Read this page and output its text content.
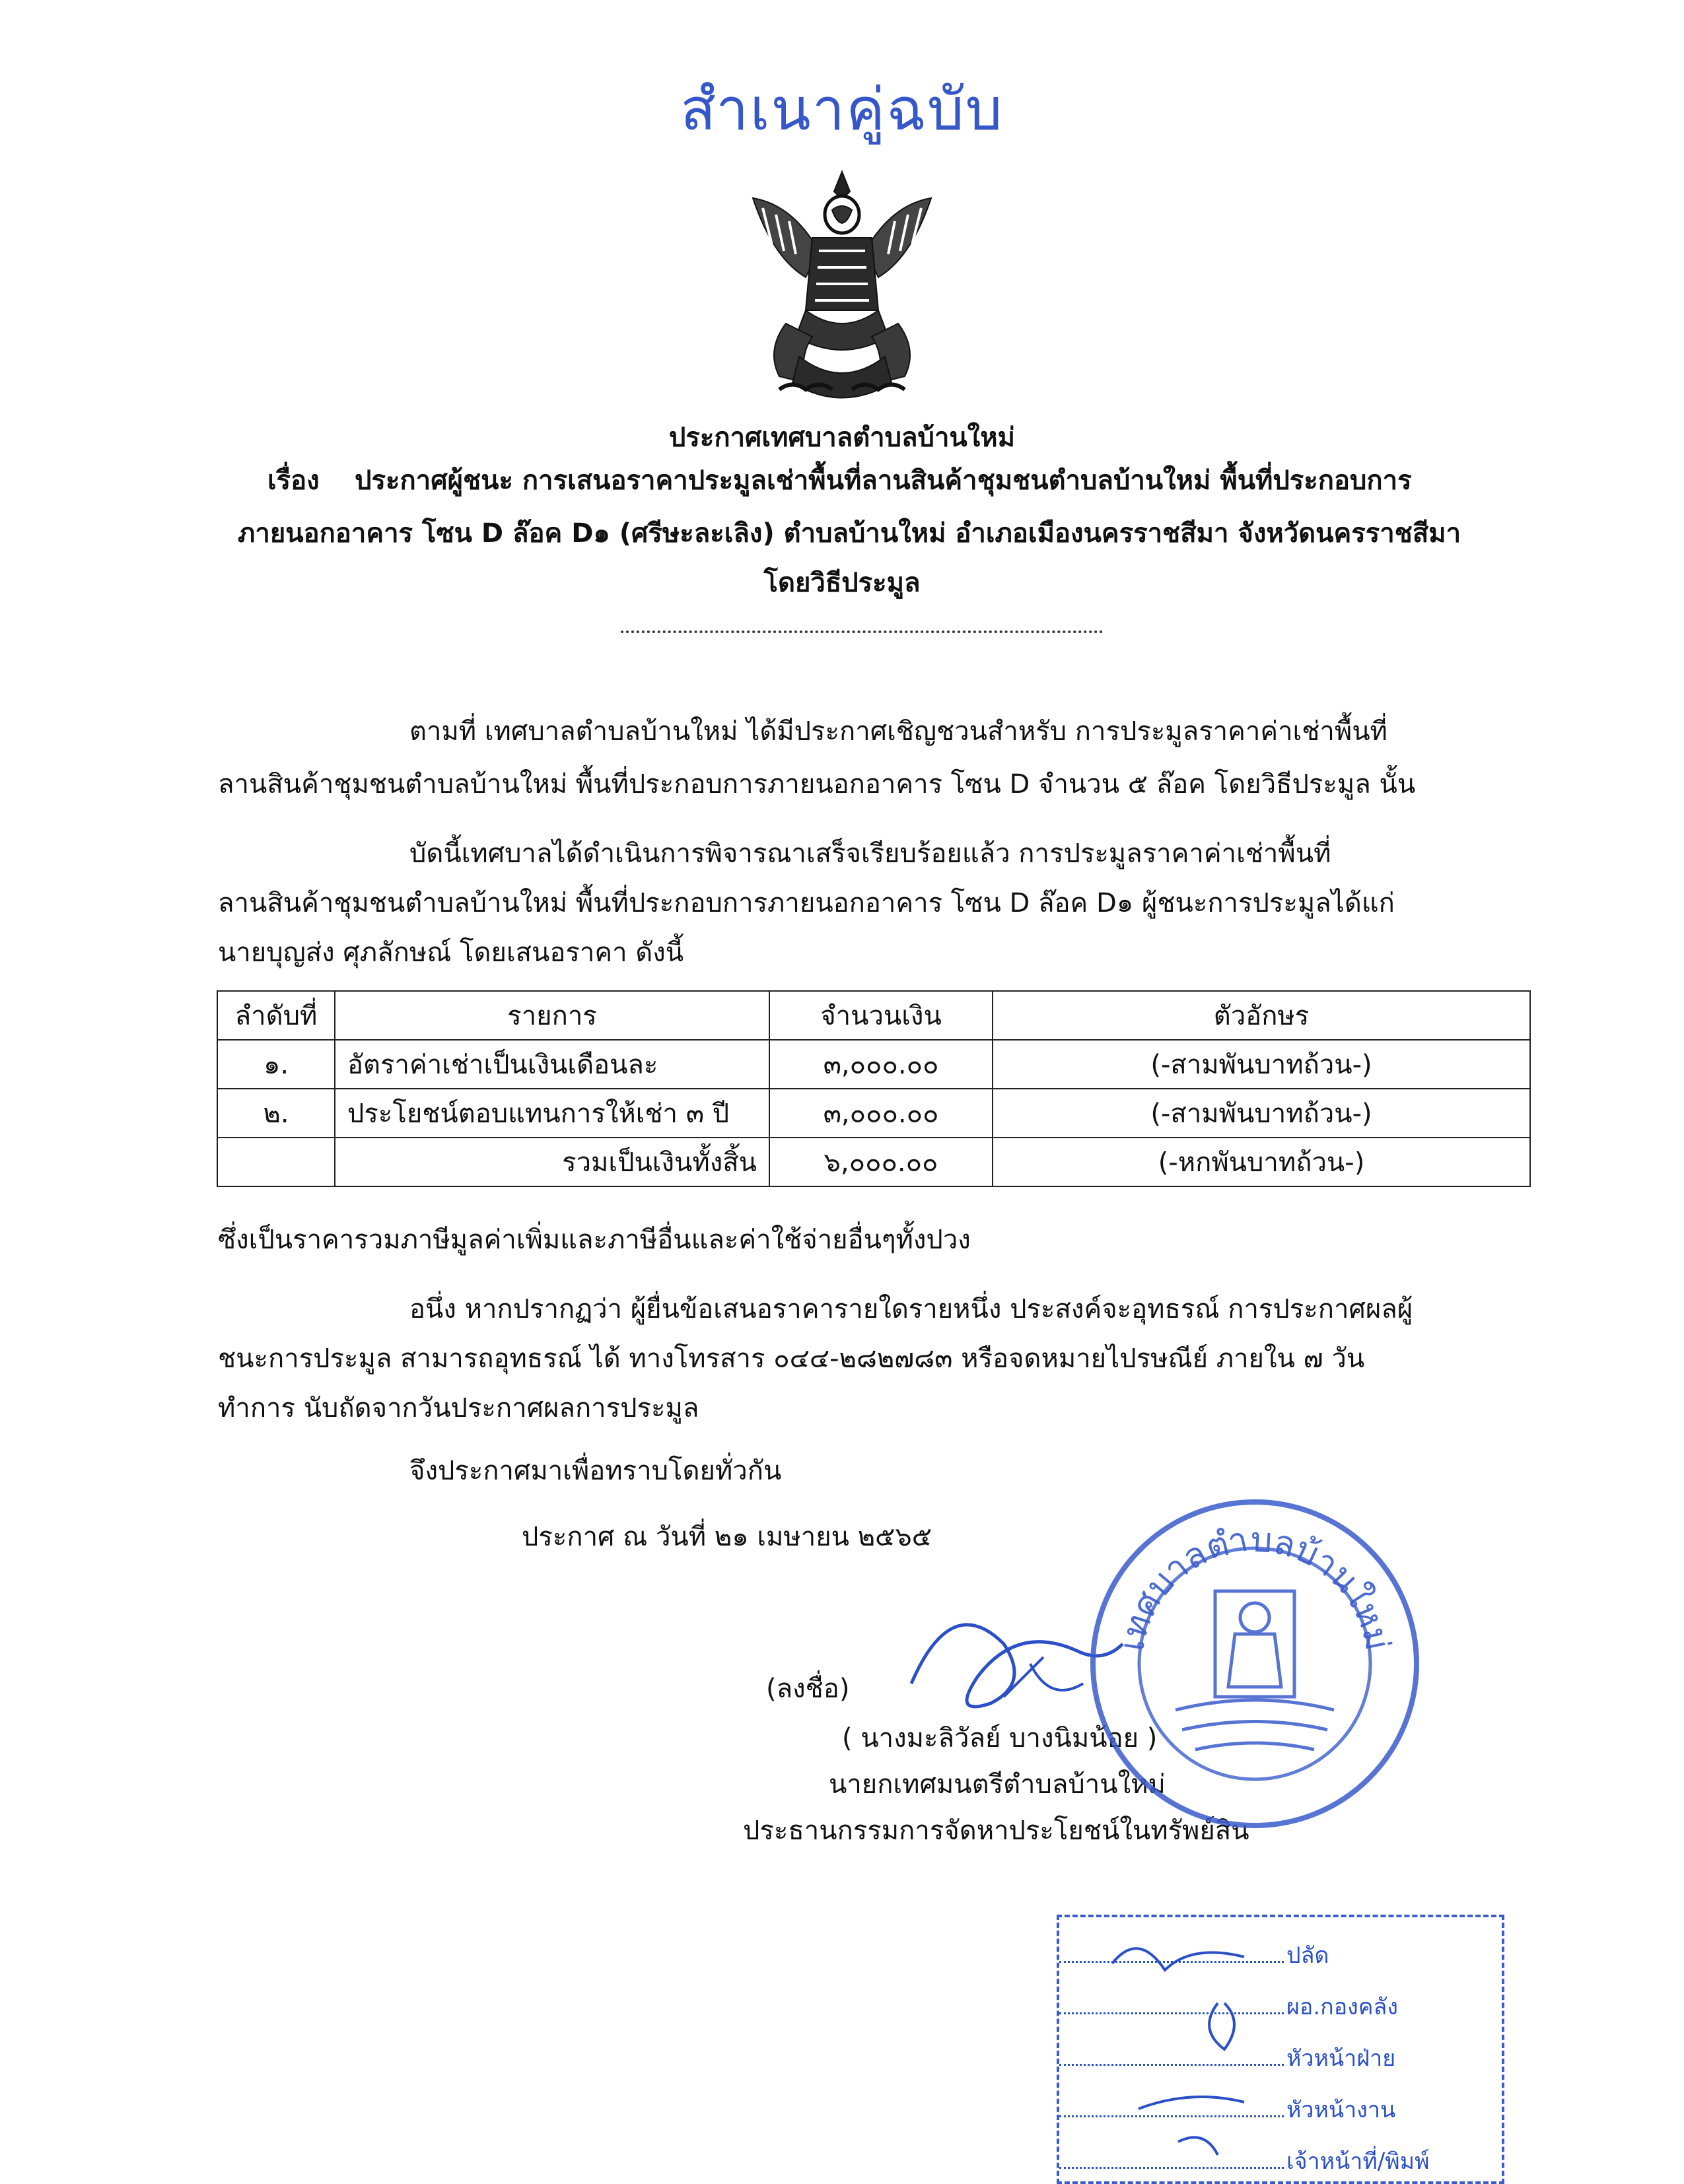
สำเนาคู่ฉบับ
ประกาศเทศบาลตำบลบ้านใหม่
เรื่อง ประกาศผู้ชนะ การเสนอราคาประมูลเช่าพื้นที่ลานสินค้าชุมชนตำบลบ้านใหม่ พื้นที่ประกอบการ
ภายนอกอาคาร โซน D ล๊อค D๑ (ศรีษะละเลิง) ตำบลบ้านใหม่ อำเภอเมืองนครราชสีมา จังหวัดนครราชสีมา
โดยวิธีประมูล
ตามที่ เทศบาลตำบลบ้านใหม่ ได้มีประกาศเชิญชวนสำหรับ การประมูลราคาค่าเช่าพื้นที่
ลานสินค้าชุมชนตำบลบ้านใหม่ พื้นที่ประกอบการภายนอกอาคาร โซน D จำนวน ๕ ล๊อค โดยวิธีประมูล นั้น
บัดนี้เทศบาลได้ดำเนินการพิจารณาเสร็จเรียบร้อยแล้ว การประมูลราคาค่าเช่าพื้นที่
ลานสินค้าชุมชนตำบลบ้านใหม่ พื้นที่ประกอบการภายนอกอาคาร โซน D ล๊อค D๑ ผู้ชนะการประมูลได้แก่
นายบุญส่ง ศุภลักษณ์ โดยเสนอราคา ดังนี้
ลำดับที่	รายการ	จำนวนเงิน	ตัวอักษร
๑.	อัตราค่าเช่าเป็นเงินเดือนละ	๓,๐๐๐.๐๐	(-สามพันบาทถ้วน-)
๒.	ประโยชน์ตอบแทนการให้เช่า ๓ ปี	๓,๐๐๐.๐๐	(-สามพันบาทถ้วน-)
	รวมเป็นเงินทั้งสิ้น	๖,๐๐๐.๐๐	(-หกพันบาทถ้วน-)
ซึ่งเป็นราคารวมภาษีมูลค่าเพิ่มและภาษีอื่นและค่าใช้จ่ายอื่นๆทั้งปวง
อนึ่ง หากปรากฏว่า ผู้ยื่นข้อเสนอราคารายใดรายหนึ่ง ประสงค์จะอุทธรณ์ การประกาศผลผู้
ชนะการประมูล สามารถอุทธรณ์ ได้ ทางโทรสาร ๐๔๔-๒๘๒๗๘๓ หรือจดหมายไปรษณีย์ ภายใน ๗ วัน
ทำการ นับถัดจากวันประกาศผลการประมูล
จึงประกาศมาเพื่อทราบโดยทั่วกัน
ประกาศ ณ วันที่ ๒๑ เมษายน ๒๕๖๕
(ลงชื่อ)
( นางมะลิวัลย์ บางนิมน้อย )
นายกเทศมนตรีตำบลบ้านใหม่
ประธานกรรมการจัดหาประโยชน์ในทรัพย์สิน
เทศบาลตำบลบ้านใหม่
ปลัด
ผอ.กองคลัง
หัวหน้าฝ่าย
หัวหน้างาน
เจ้าหน้าที่/พิมพ์
